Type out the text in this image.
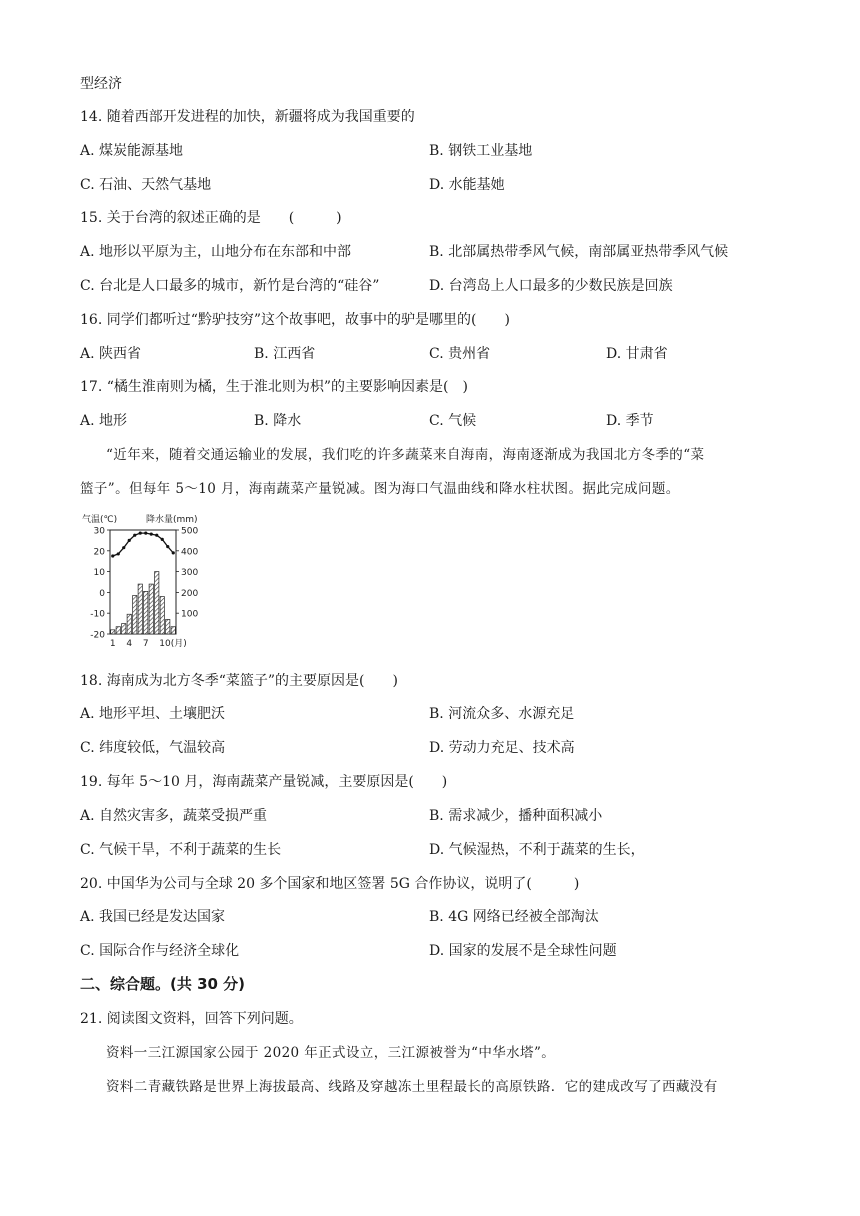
型经济
14. 随着西部开发进程的加快，新疆将成为我国重要的
A. 煤炭能源基地	B. 钢铁工业基地
C. 石油、天然气基地	D. 水能基她
15. 关于台湾的叙述正确的是　　(　　　)
A. 地形以平原为主，山地分布在东部和中部	B. 北部属热带季风气候，南部属亚热带季风气候
C. 台北是人口最多的城市，新竹是台湾的“硅谷”	D. 台湾岛上人口最多的少数民族是回族
16. 同学们都听过“黔驴技穷”这个故事吧，故事中的驴是哪里的(　　)
A. 陕西省	B. 江西省	C. 贵州省	D. 甘肃省
17. “橘生淮南则为橘，生于淮北则为枳”的主要影响因素是(　)
A. 地形	B. 降水	C. 气候	D. 季节
“近年来，随着交通运输业的发展，我们吃的许多蔬菜来自海南，海南逐渐成为我国北方冬季的“菜
篮子”。但每年 5～10 月，海南蔬菜产量锐减。图为海口气温曲线和降水柱状图。据此完成问题。
气温(℃)	降水量(mm)
30
20
10
0
-10
-20
500
400
300
200
100
1 4 7 10(月)
18. 海南成为北方冬季“菜篮子”的主要原因是(　　)
A. 地形平坦、土壤肥沃	B. 河流众多、水源充足
C. 纬度较低，气温较高	D. 劳动力充足、技术高
19. 每年 5～10 月，海南蔬菜产量锐减，主要原因是(　　)
A. 自然灾害多，蔬菜受损严重	B. 需求减少，播种面积减小
C. 气候干旱，不利于蔬菜的生长	D. 气候湿热，不利于蔬菜的生长，
20. 中国华为公司与全球 20 多个国家和地区签署 5G 合作协议，说明了(　　　)
A. 我国已经是发达国家	B. 4G 网络已经被全部淘汰
C. 国际合作与经济全球化	D. 国家的发展不是全球性问题
二、综合题。(共 30 分)
21. 阅读图文资料，回答下列问题。
资料一三江源国家公园于 2020 年正式设立，三江源被誉为“中华水塔”。
资料二青藏铁路是世界上海拔最高、线路及穿越冻土里程最长的高原铁路．它的建成改写了西藏没有
